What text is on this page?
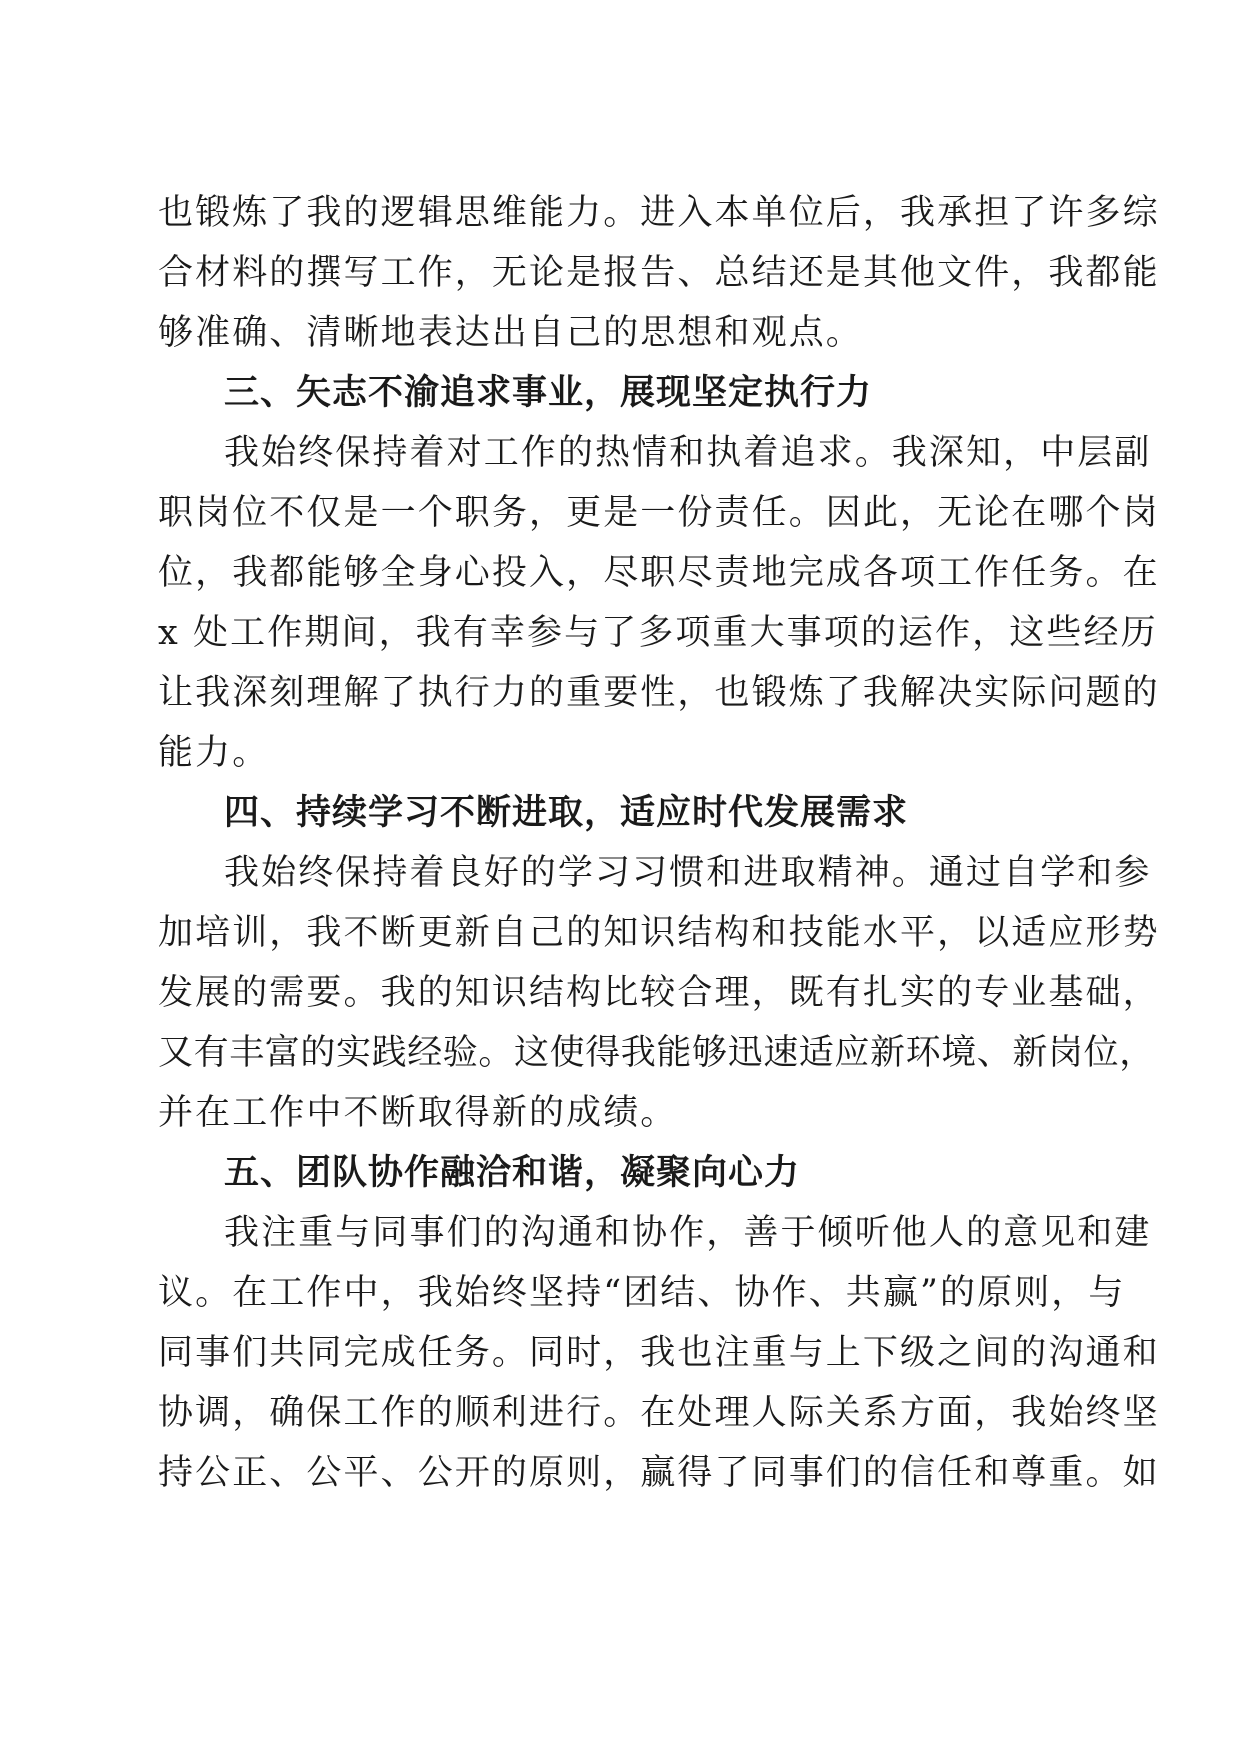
也锻炼了我的逻辑思维能力。进入本单位后，我承担了许多综
合材料的撰写工作，无论是报告、总结还是其他文件，我都能
够准确、清晰地表达出自己的思想和观点。
三、矢志不渝追求事业，展现坚定执行力
我始终保持着对工作的热情和执着追求。我深知，中层副
职岗位不仅是一个职务，更是一份责任。因此，无论在哪个岗
位，我都能够全身心投入，尽职尽责地完成各项工作任务。在
x 处工作期间，我有幸参与了多项重大事项的运作，这些经历
让我深刻理解了执行力的重要性，也锻炼了我解决实际问题的
能力。
四、持续学习不断进取，适应时代发展需求
我始终保持着良好的学习习惯和进取精神。通过自学和参
加培训，我不断更新自己的知识结构和技能水平，以适应形势
发展的需要。我的知识结构比较合理，既有扎实的专业基础，
又有丰富的实践经验。这使得我能够迅速适应新环境、新岗位，
并在工作中不断取得新的成绩。
五、团队协作融洽和谐，凝聚向心力
我注重与同事们的沟通和协作，善于倾听他人的意见和建
议。在工作中，我始终坚持“团结、协作、共赢”的原则，与
同事们共同完成任务。同时，我也注重与上下级之间的沟通和
协调，确保工作的顺利进行。在处理人际关系方面，我始终坚
持公正、公平、公开的原则，赢得了同事们的信任和尊重。如
